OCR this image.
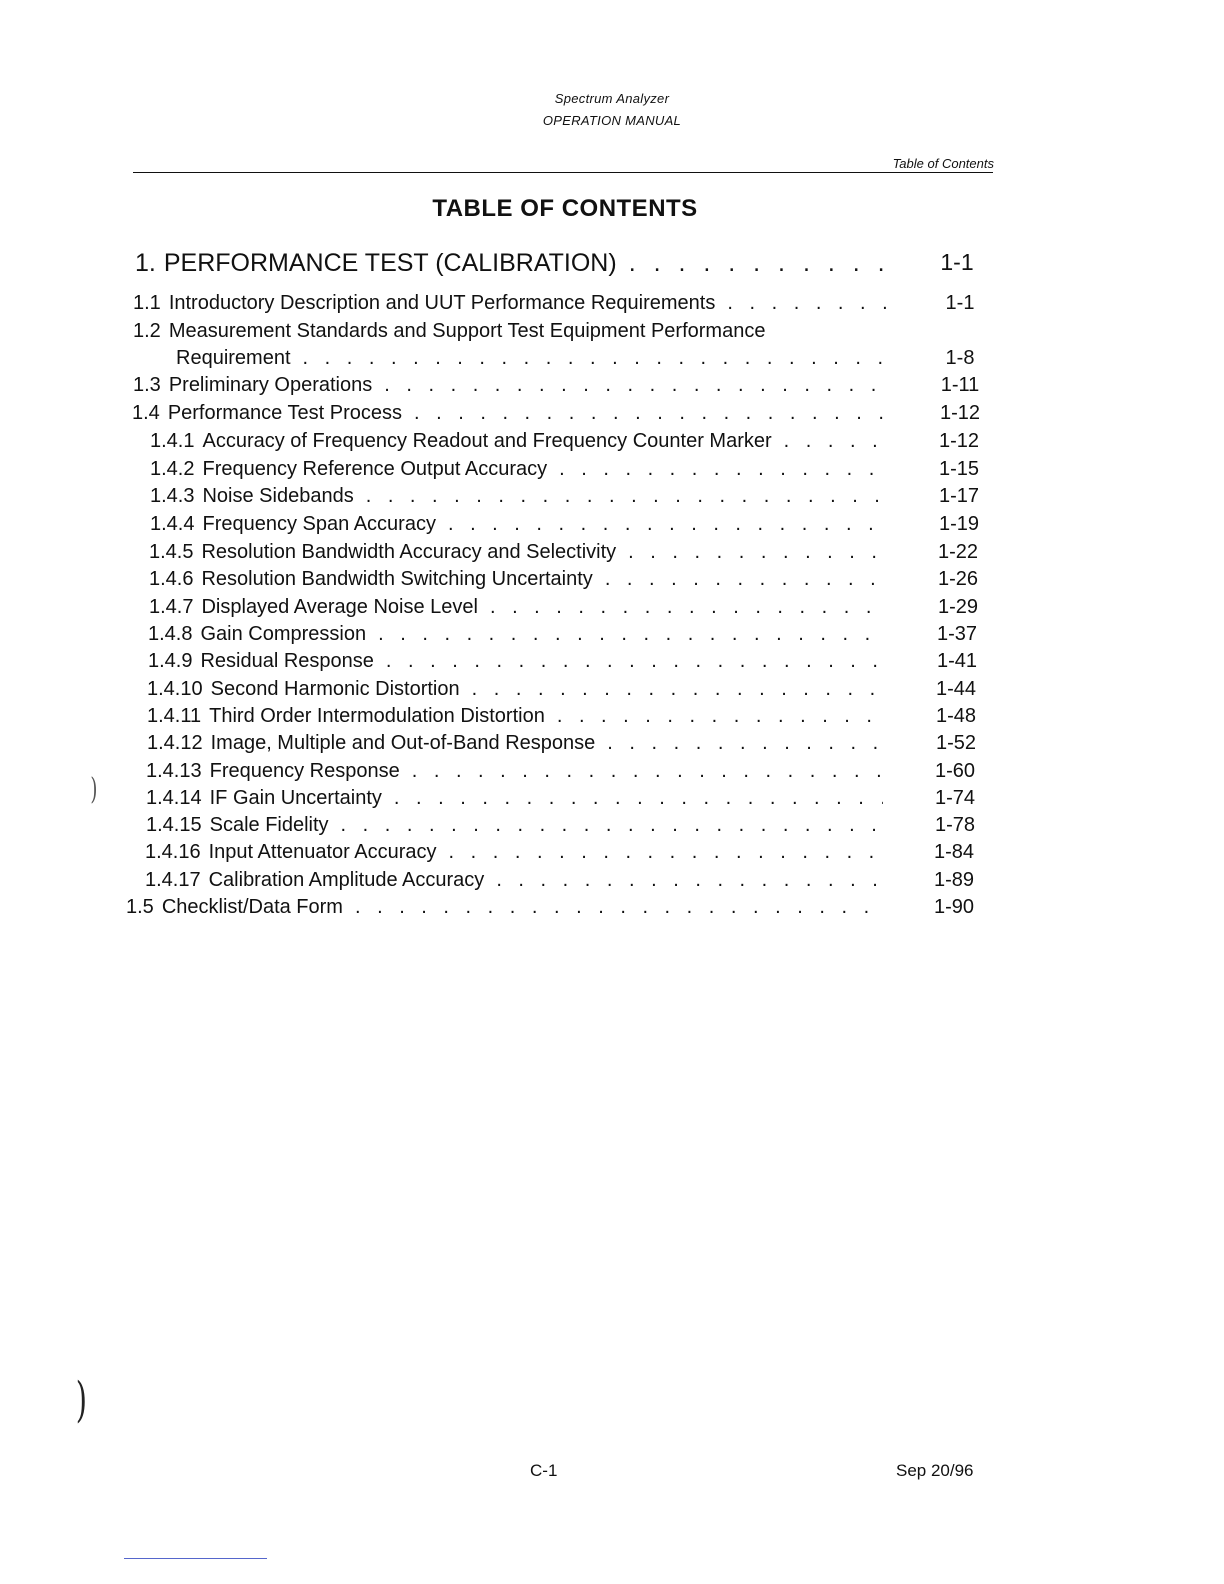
Spectrum Analyzer
OPERATION MANUAL
Table of Contents
TABLE OF CONTENTS
1. PERFORMANCE TEST (CALIBRATION) . . .	1-1
1.1 Introductory Description and UUT Performance Requirements . . .	1-1
1.2 Measurement Standards and Support Test Equipment Performance
Requirement . . .	1-8
1.3 Preliminary Operations . . .	1-11
1.4 Performance Test Process . . .	1-12
1.4.1 Accuracy of Frequency Readout and Frequency Counter Marker . . .	1-12
1.4.2 Frequency Reference Output Accuracy . . .	1-15
1.4.3 Noise Sidebands . . .	1-17
1.4.4 Frequency Span Accuracy . . .	1-19
1.4.5 Resolution Bandwidth Accuracy and Selectivity . . .	1-22
1.4.6 Resolution Bandwidth Switching Uncertainty . . .	1-26
1.4.7 Displayed Average Noise Level . . .	1-29
1.4.8 Gain Compression . . .	1-37
1.4.9 Residual Response . . .	1-41
1.4.10 Second Harmonic Distortion . . .	1-44
1.4.11 Third Order Intermodulation Distortion . . .	1-48
1.4.12 Image, Multiple and Out-of-Band Response . . .	1-52
1.4.13 Frequency Response . . .	1-60
1.4.14 IF Gain Uncertainty . . .	1-74
1.4.15 Scale Fidelity . . .	1-78
1.4.16 Input Attenuator Accuracy . . .	1-84
1.4.17 Calibration Amplitude Accuracy . . .	1-89
1.5 Checklist/Data Form . . .	1-90
)
)
C-1	Sep 20/96
